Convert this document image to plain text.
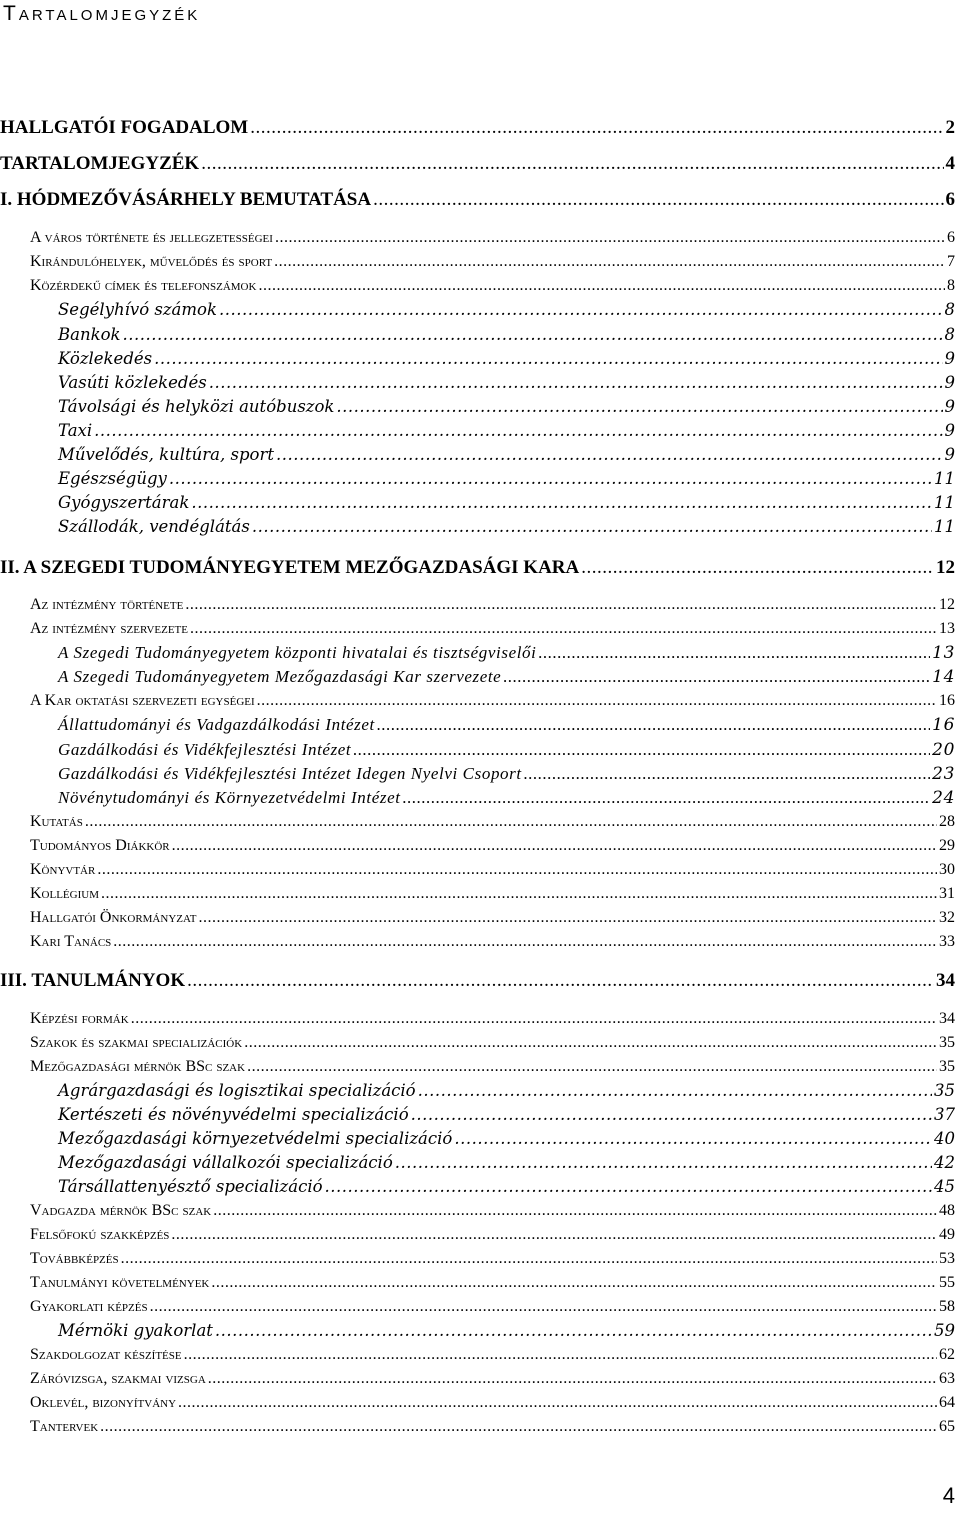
Tartalomjegyzék
HALLGATÓI FOGADALOM .....	2
TARTALOMJEGYZÉK .....	4
I. HÓDMEZŐVÁSÁRHELY BEMUTATÁSA .....	6
A város története és jellegzetességei .....	6
Kirándulóhelyek, művelődés és sport .....	7
Közérdekű címek és telefonszámok .....	8
Segélyhívó számok .....	8
Bankok .....	8
Közlekedés .....	9
Vasúti közlekedés .....	9
Távolsági és helyközi autóbuszok .....	9
Taxi .....	9
Művelődés, kultúra, sport .....	9
Egészségügy .....	11
Gyógyszertárak .....	11
Szállodák, vendéglátás .....	11
II. A SZEGEDI TUDOMÁNYEGYETEM MEZŐGAZDASÁGI KARA .....	12
Az intézmény története .....	12
Az intézmény szervezete .....	13
A Szegedi Tudományegyetem központi hivatalai és tisztségviselői .....	13
A Szegedi Tudományegyetem Mezőgazdasági Kar szervezete .....	14
A Kar oktatási szervezeti egységei .....	16
Állattudományi és Vadgazdálkodási Intézet .....	16
Gazdálkodási és Vidékfejlesztési Intézet .....	20
Gazdálkodási és Vidékfejlesztési Intézet Idegen Nyelvi Csoport .....	23
Növénytudományi és Környezetvédelmi Intézet .....	24
Kutatás .....	28
Tudományos Diákkör .....	29
Könyvtár .....	30
Kollégium .....	31
Hallgatói Önkormányzat .....	32
Kari Tanács .....	33
III. TANULMÁNYOK .....	34
Képzési formák .....	34
Szakok és szakmai specializációk .....	35
Mezőgazdasági mérnök BSc szak .....	35
Agrárgazdasági és logisztikai specializáció .....	35
Kertészeti és növényvédelmi specializáció .....	37
Mezőgazdasági környezetvédelmi specializáció .....	40
Mezőgazdasági vállalkozói specializáció .....	42
Társállattenyésztő specializáció .....	45
Vadgazda mérnök BSc szak .....	48
Felsőfokú szakképzés .....	49
Továbbképzés .....	53
Tanulmányi követelmények .....	55
Gyakorlati képzés .....	58
Mérnöki gyakorlat .....	59
Szakdolgozat készítése .....	62
Záróvizsga, szakmai vizsga .....	63
Oklevél, bizonyítvány .....	64
Tantervek .....	65
4
